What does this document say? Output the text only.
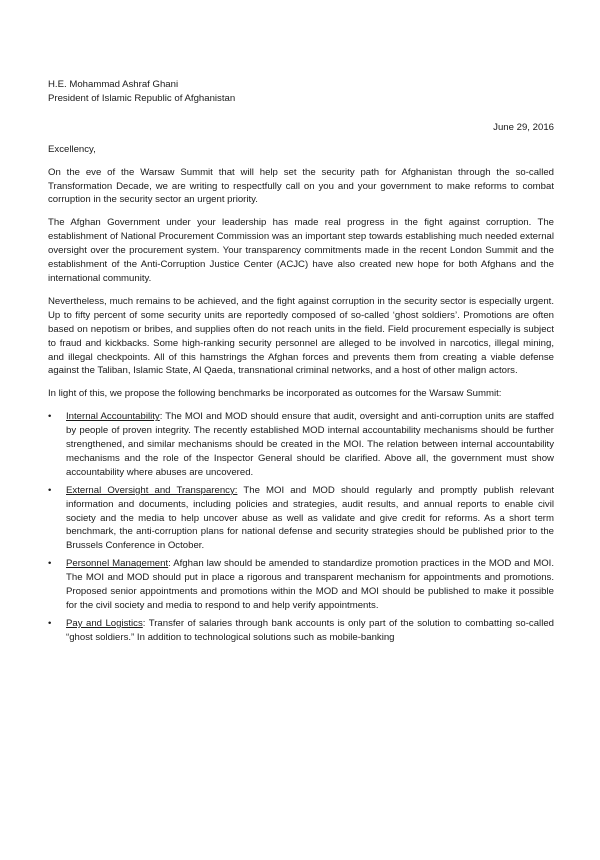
H.E. Mohammad Ashraf Ghani

President of Islamic Republic of Afghanistan

June 29, 2016

Excellency,

On the eve of the Warsaw Summit that will help set the security path for Afghanistan through the so-called Transformation Decade, we are writing to respectfully call on you and your government to make reforms to combat corruption in the security sector an urgent priority.

The Afghan Government under your leadership has made real progress in the fight against corruption. The establishment of National Procurement Commission was an important step towards establishing much needed external oversight over the procurement system. Your transparency commitments made in the recent London Summit and the establishment of the Anti-Corruption Justice Center (ACJC) have also created new hope for both Afghans and the international community.

Nevertheless, much remains to be achieved, and the fight against corruption in the security sector is especially urgent. Up to fifty percent of some security units are reportedly composed of so-called ‘ghost soldiers’. Promotions are often based on nepotism or bribes, and supplies often do not reach units in the field. Field procurement especially is subject to fraud and kickbacks. Some high-ranking security personnel are alleged to be involved in narcotics, illegal mining, and illegal checkpoints. All of this hamstrings the Afghan forces and prevents them from creating a viable defense against the Taliban, Islamic State, Al Qaeda, transnational criminal networks, and a host of other malign actors.

In light of this, we propose the following benchmarks be incorporated as outcomes for the Warsaw Summit:

• Internal Accountability: The MOI and MOD should ensure that audit, oversight and anti-corruption units are staffed by people of proven integrity. The recently established MOD internal accountability mechanisms should be further strengthened, and similar mechanisms should be created in the MOI. The relation between internal accountability mechanisms and the role of the Inspector General should be clarified. Above all, the government must show accountability where abuses are uncovered.
• External Oversight and Transparency: The MOI and MOD should regularly and promptly publish relevant information and documents, including policies and strategies, audit results, and annual reports to enable civil society and the media to help uncover abuse as well as validate and give credit for reforms. As a short term benchmark, the anti-corruption plans for national defense and security strategies should be published prior to the Brussels Conference in October.
• Personnel Management: Afghan law should be amended to standardize promotion practices in the MOD and MOI. The MOI and MOD should put in place a rigorous and transparent mechanism for appointments and promotions. Proposed senior appointments and promotions within the MOD and MOI should be published to make it possible for the civil society and media to respond to and help verify appointments.
• Pay and Logistics: Transfer of salaries through bank accounts is only part of the solution to combatting so-called “ghost soldiers.” In addition to technological solutions such as mobile-banking
